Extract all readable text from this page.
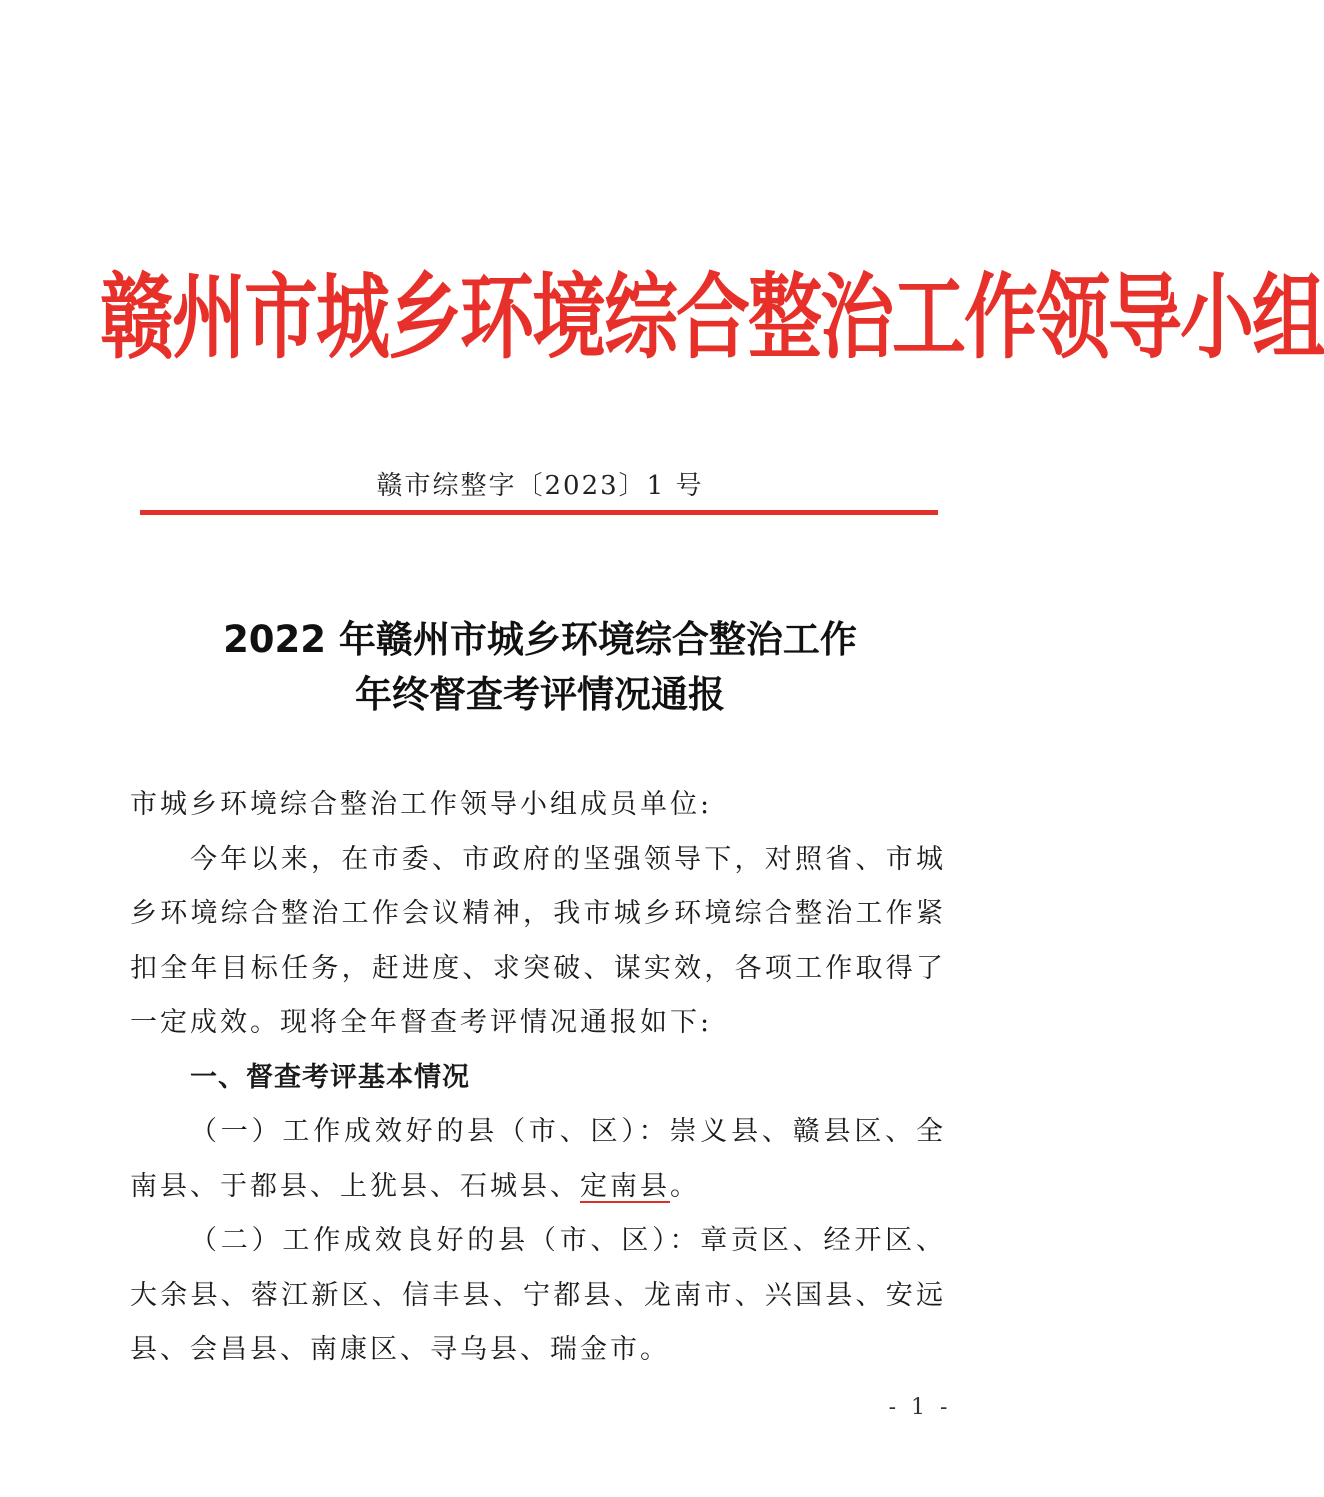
赣州市城乡环境综合整治工作领导小组
赣市综整字〔2023〕1 号
2022 年赣州市城乡环境综合整治工作
年终督查考评情况通报

市城乡环境综合整治工作领导小组成员单位:

今年以来，在市委、市政府的坚强领导下，对照省、市城乡环境综合整治工作会议精神，我市城乡环境综合整治工作紧扣全年目标任务，赶进度、求突破、谋实效，各项工作取得了一定成效。现将全年督查考评情况通报如下:

一、督查考评基本情况

（一）工作成效好的县（市、区）：崇义县、赣县区、全南县、于都县、上犹县、石城县、定南县。

（二）工作成效良好的县（市、区）：章贡区、经开区、大余县、蓉江新区、信丰县、宁都县、龙南市、兴国县、安远县、会昌县、南康区、寻乌县、瑞金市。

- 1 -
